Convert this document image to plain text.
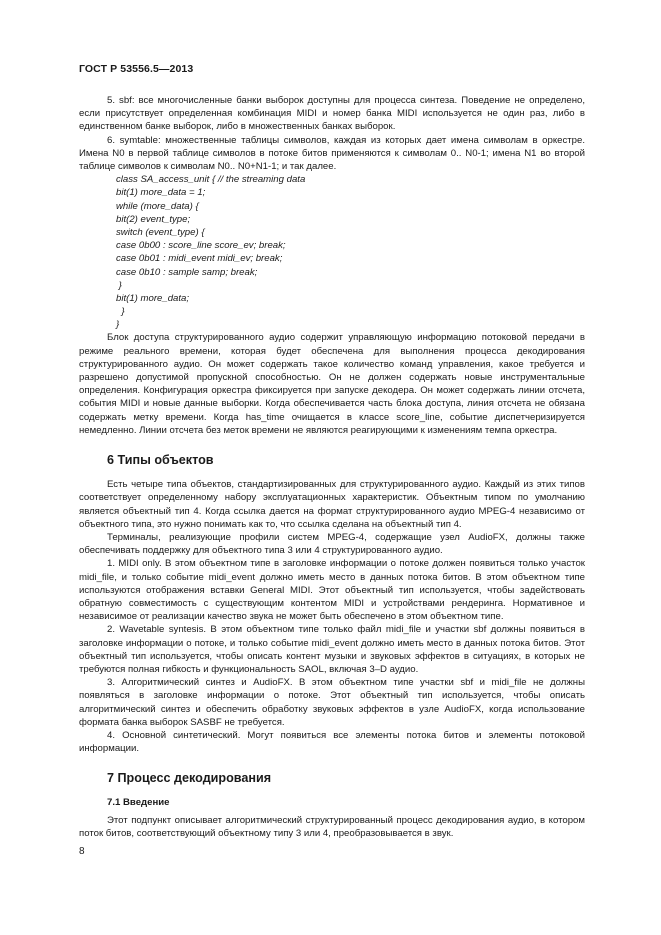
ГОСТ Р 53556.5—2013

5. sbf: все многочисленные банки выборок доступны для процесса синтеза. Поведение не определено, если присутствует определенная комбинация MIDI и номер банка MIDI используется не один раз, либо в единственном банке выборок, либо в множественных банках выборок.

6. symtable: множественные таблицы символов, каждая из которых дает имена символам в оркестре. Имена N0 в первой таблице символов в потоке битов применяются к символам 0.. N0-1; имена N1 во второй таблице символов к символам N0.. N0+N1-1; и так далее.

class SA_access_unit { // the streaming data
bit(1) more_data = 1;
while (more_data) {
bit(2) event_type;
switch (event_type) {
case 0b00 : score_line score_ev; break;
case 0b01 : midi_event midi_ev; break;
case 0b10 : sample samp; break;
}
bit(1) more_data;
}
}

Блок доступа структурированного аудио содержит управляющую информацию потоковой передачи в режиме реального времени, которая будет обеспечена для выполнения процесса декодирования структурированного аудио. Он может содержать такое количество команд управления, какое требуется и разрешено допустимой пропускной способностью. Он не должен содержать новые инструментальные определения. Конфигурация оркестра фиксируется при запуске декодера. Он может содержать линии отсчета, события MIDI и новые данные выборки. Когда обеспечивается часть блока доступа, линия отсчета не обязана содержать метку времени. Когда has_time очищается в классе score_line, событие диспетчеризируется немедленно. Линии отсчета без меток времени не являются реагирующими к изменениям темпа оркестра.

6 Типы объектов

Есть четыре типа объектов, стандартизированных для структурированного аудио. Каждый из этих типов соответствует определенному набору эксплуатационных характеристик. Объектным типом по умолчанию является объектный тип 4. Когда ссылка дается на формат структурированного аудио MPEG-4 независимо от объектного типа, это нужно понимать как то, что ссылка сделана на объектный тип 4.

Терминалы, реализующие профили систем MPEG-4, содержащие узел AudioFX, должны также обеспечивать поддержку для объектного типа 3 или 4 структурированного аудио.

1. MIDI only. В этом объектном типе в заголовке информации о потоке должен появиться только участок midi_file, и только событие midi_event должно иметь место в данных потока битов. В этом объектном типе используются отображения вставки General MIDI. Этот объектный тип используется, чтобы задействовать обратную совместимость с существующим контентом MIDI и устройствами рендеринга. Нормативное и независимое от реализации качество звука не может быть обеспечено в этом объектном типе.

2. Wavetable syntesis. В этом объектном типе только файл midi_file и участки sbf должны появиться в заголовке информации о потоке, и только событие midi_event должно иметь место в данных потока битов. Этот объектный тип используется, чтобы описать контент музыки и звуковых эффектов в ситуациях, в которых не требуются полная гибкость и функциональность SAOL, включая 3–D аудио.

3. Алгоритмический синтез и AudioFX. В этом объектном типе участки sbf и midi_file не должны появляться в заголовке информации о потоке. Этот объектный тип используется, чтобы описать алгоритмический синтез и обеспечить обработку звуковых эффектов в узле AudioFX, когда использование формата банка выборок SASBF не требуется.

4. Основной синтетический. Могут появиться все элементы потока битов и элементы потоковой информации.

7 Процесс декодирования
7.1 Введение

Этот подпункт описывает алгоритмический структурированный процесс декодирования аудио, в котором поток битов, соответствующий объектному типу 3 или 4, преобразовывается в звук.

8
